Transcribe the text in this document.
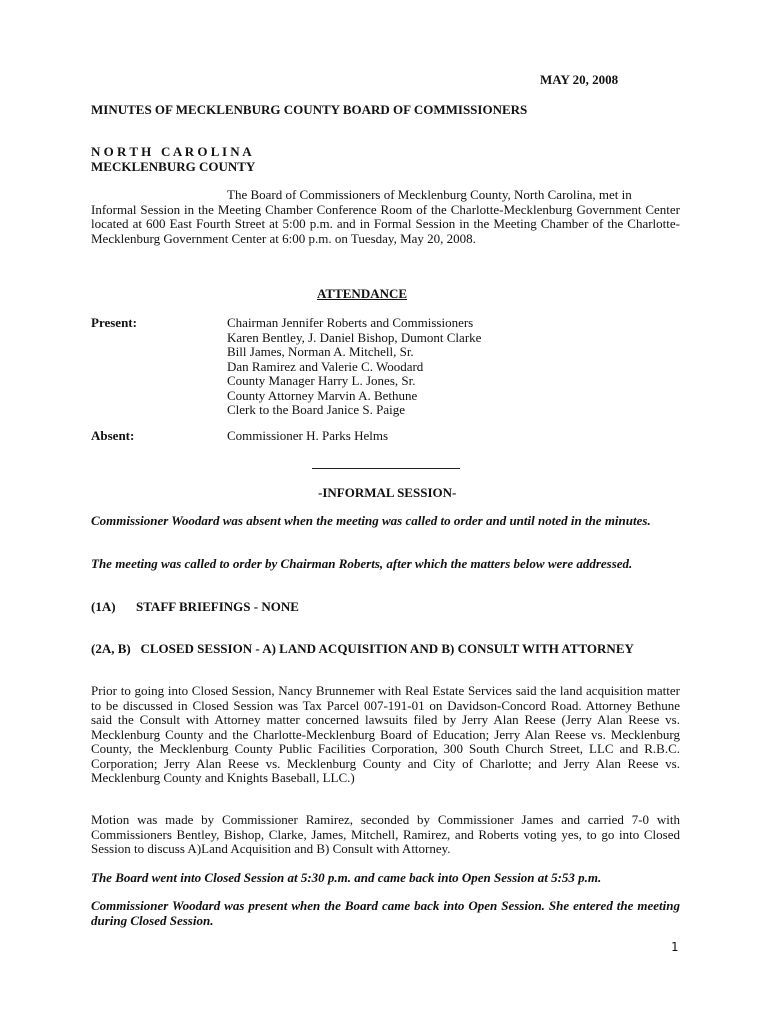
MAY 20, 2008
MINUTES OF MECKLENBURG COUNTY BOARD OF COMMISSIONERS
N O R T H   C A R O L I N A
MECKLENBURG COUNTY
The Board of Commissioners of Mecklenburg County, North Carolina, met in
Informal Session in the Meeting Chamber Conference Room of the Charlotte-Mecklenburg Government Center located at 600 East Fourth Street at 5:00 p.m. and in Formal Session in the Meeting Chamber of the Charlotte-Mecklenburg Government Center at 6:00 p.m. on Tuesday, May 20, 2008.
ATTENDANCE
Present:	Chairman Jennifer Roberts and Commissioners
Karen Bentley, J. Daniel Bishop, Dumont Clarke
Bill James, Norman A. Mitchell, Sr.
Dan Ramirez and Valerie C. Woodard
County Manager Harry L. Jones, Sr.
County Attorney Marvin A. Bethune
Clerk to the Board Janice S. Paige
Absent:	Commissioner H. Parks Helms
-INFORMAL SESSION-
Commissioner Woodard was absent when the meeting was called to order and until noted in the minutes.
The meeting was called to order by Chairman Roberts, after which the matters below were addressed.
(1A) STAFF BRIEFINGS - NONE
(2A, B)   CLOSED SESSION - A) LAND ACQUISITION AND B) CONSULT WITH ATTORNEY
Prior to going into Closed Session, Nancy Brunnemer with Real Estate Services said the land acquisition matter to be discussed in Closed Session was Tax Parcel 007-191-01 on Davidson-Concord Road. Attorney Bethune said the Consult with Attorney matter concerned lawsuits filed by Jerry Alan Reese (Jerry Alan Reese vs. Mecklenburg County and the Charlotte-Mecklenburg Board of Education; Jerry Alan Reese vs. Mecklenburg County, the Mecklenburg County Public Facilities Corporation, 300 South Church Street, LLC and R.B.C. Corporation; Jerry Alan Reese vs. Mecklenburg County and City of Charlotte; and Jerry Alan Reese vs. Mecklenburg County and Knights Baseball, LLC.)
Motion was made by Commissioner Ramirez, seconded by Commissioner James and carried 7-0 with Commissioners Bentley, Bishop, Clarke, James, Mitchell, Ramirez, and Roberts voting yes, to go into Closed Session to discuss A)Land Acquisition and B) Consult with Attorney.
The Board went into Closed Session at 5:30 p.m. and came back into Open Session at 5:53 p.m.
Commissioner Woodard was present when the Board came back into Open Session. She entered the meeting during Closed Session.
1
